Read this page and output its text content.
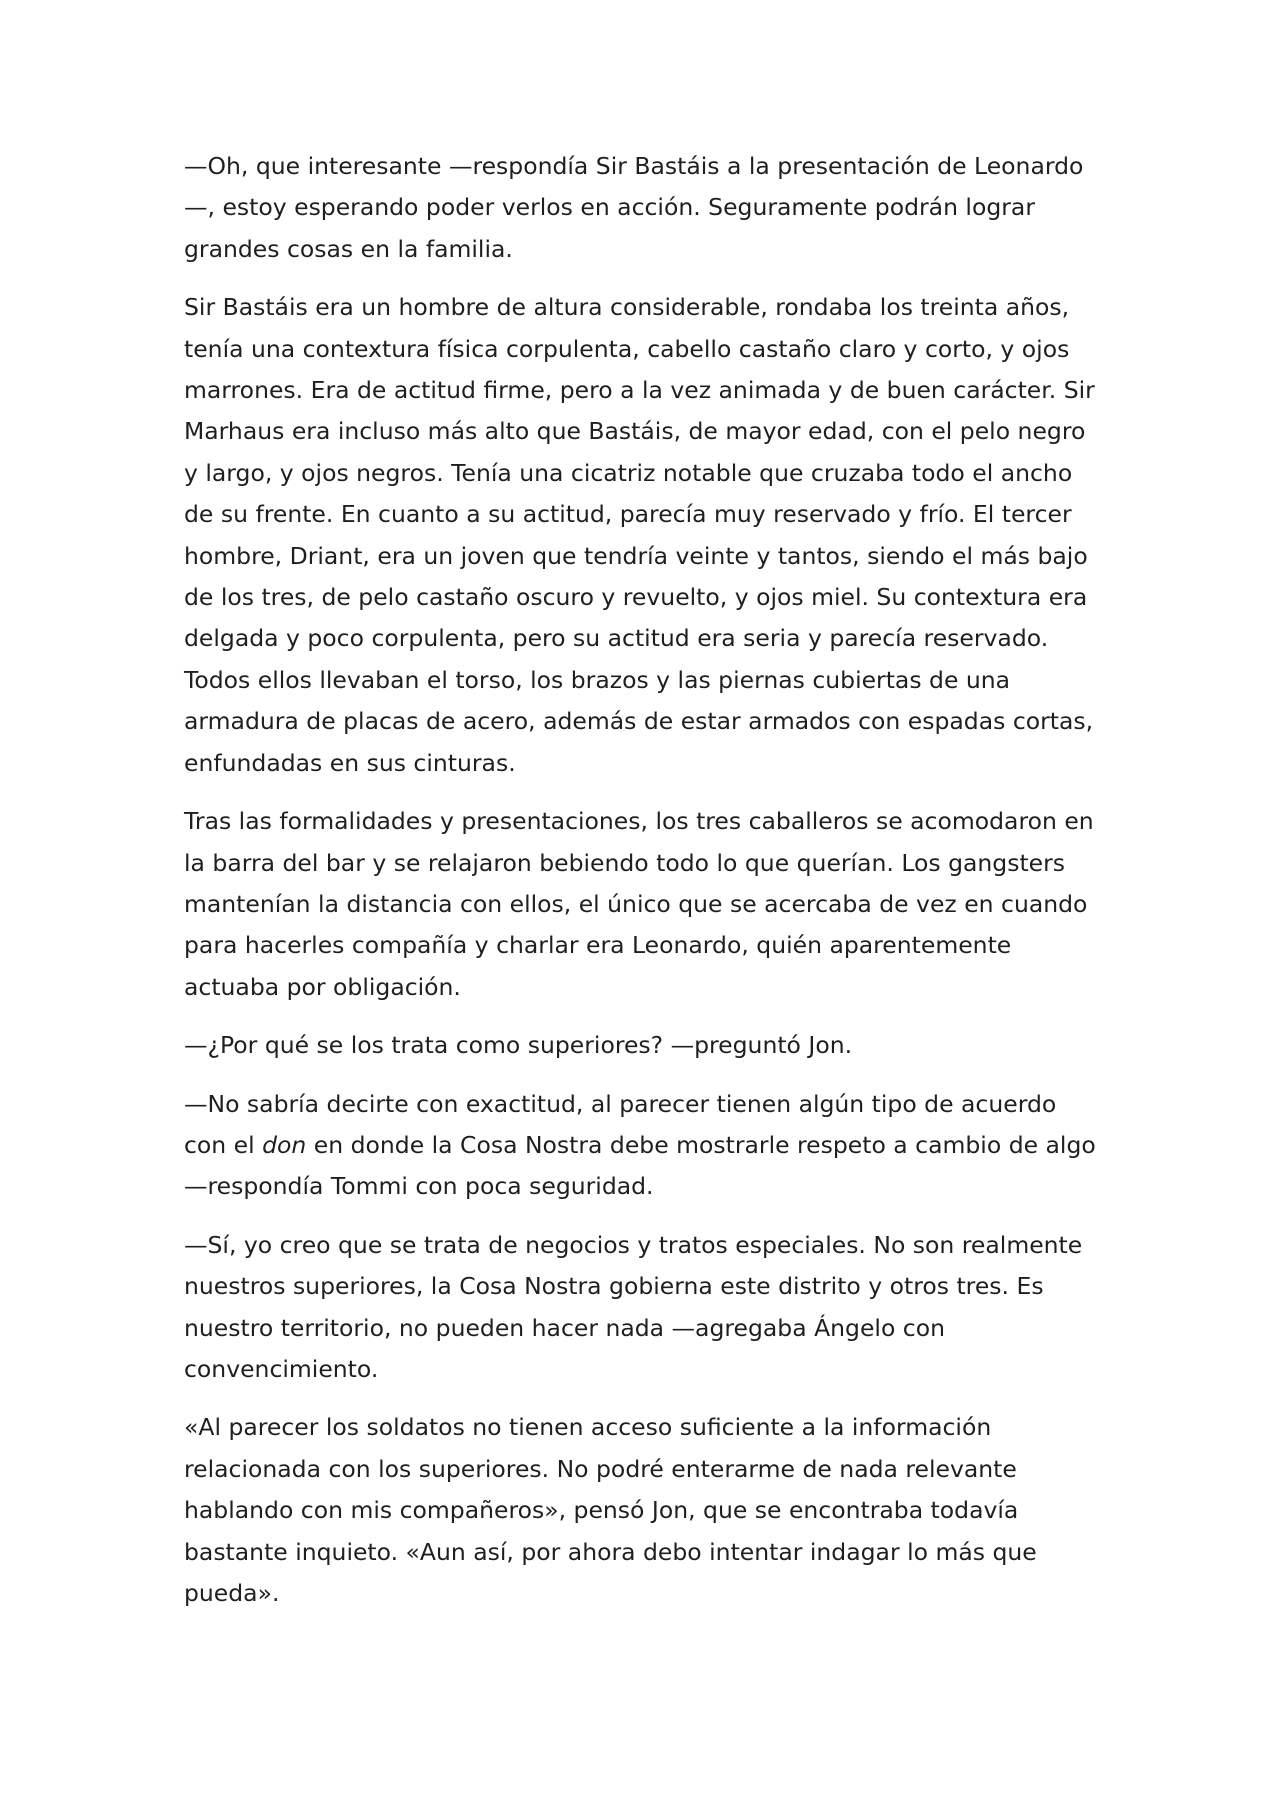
—Oh, que interesante —respondía Sir Bastáis a la presentación de Leonardo —, estoy esperando poder verlos en acción. Seguramente podrán lograr grandes cosas en la familia.

Sir Bastáis era un hombre de altura considerable, rondaba los treinta años, tenía una contextura física corpulenta, cabello castaño claro y corto, y ojos marrones. Era de actitud firme, pero a la vez animada y de buen carácter. Sir Marhaus era incluso más alto que Bastáis, de mayor edad, con el pelo negro y largo, y ojos negros. Tenía una cicatriz notable que cruzaba todo el ancho de su frente. En cuanto a su actitud, parecía muy reservado y frío. El tercer hombre, Driant, era un joven que tendría veinte y tantos, siendo el más bajo de los tres, de pelo castaño oscuro y revuelto, y ojos miel. Su contextura era delgada y poco corpulenta, pero su actitud era seria y parecía reservado. Todos ellos llevaban el torso, los brazos y las piernas cubiertas de una armadura de placas de acero, además de estar armados con espadas cortas, enfundadas en sus cinturas.

Tras las formalidades y presentaciones, los tres caballeros se acomodaron en la barra del bar y se relajaron bebiendo todo lo que querían. Los gangsters mantenían la distancia con ellos, el único que se acercaba de vez en cuando para hacerles compañía y charlar era Leonardo, quién aparentemente actuaba por obligación.

—¿Por qué se los trata como superiores? —preguntó Jon.

—No sabría decirte con exactitud, al parecer tienen algún tipo de acuerdo con el don en donde la Cosa Nostra debe mostrarle respeto a cambio de algo —respondía Tommi con poca seguridad.

—Sí, yo creo que se trata de negocios y tratos especiales. No son realmente nuestros superiores, la Cosa Nostra gobierna este distrito y otros tres. Es nuestro territorio, no pueden hacer nada —agregaba Ángelo con convencimiento.

«Al parecer los soldatos no tienen acceso suficiente a la información relacionada con los superiores. No podré enterarme de nada relevante hablando con mis compañeros», pensó Jon, que se encontraba todavía bastante inquieto. «Aun así, por ahora debo intentar indagar lo más que pueda».
